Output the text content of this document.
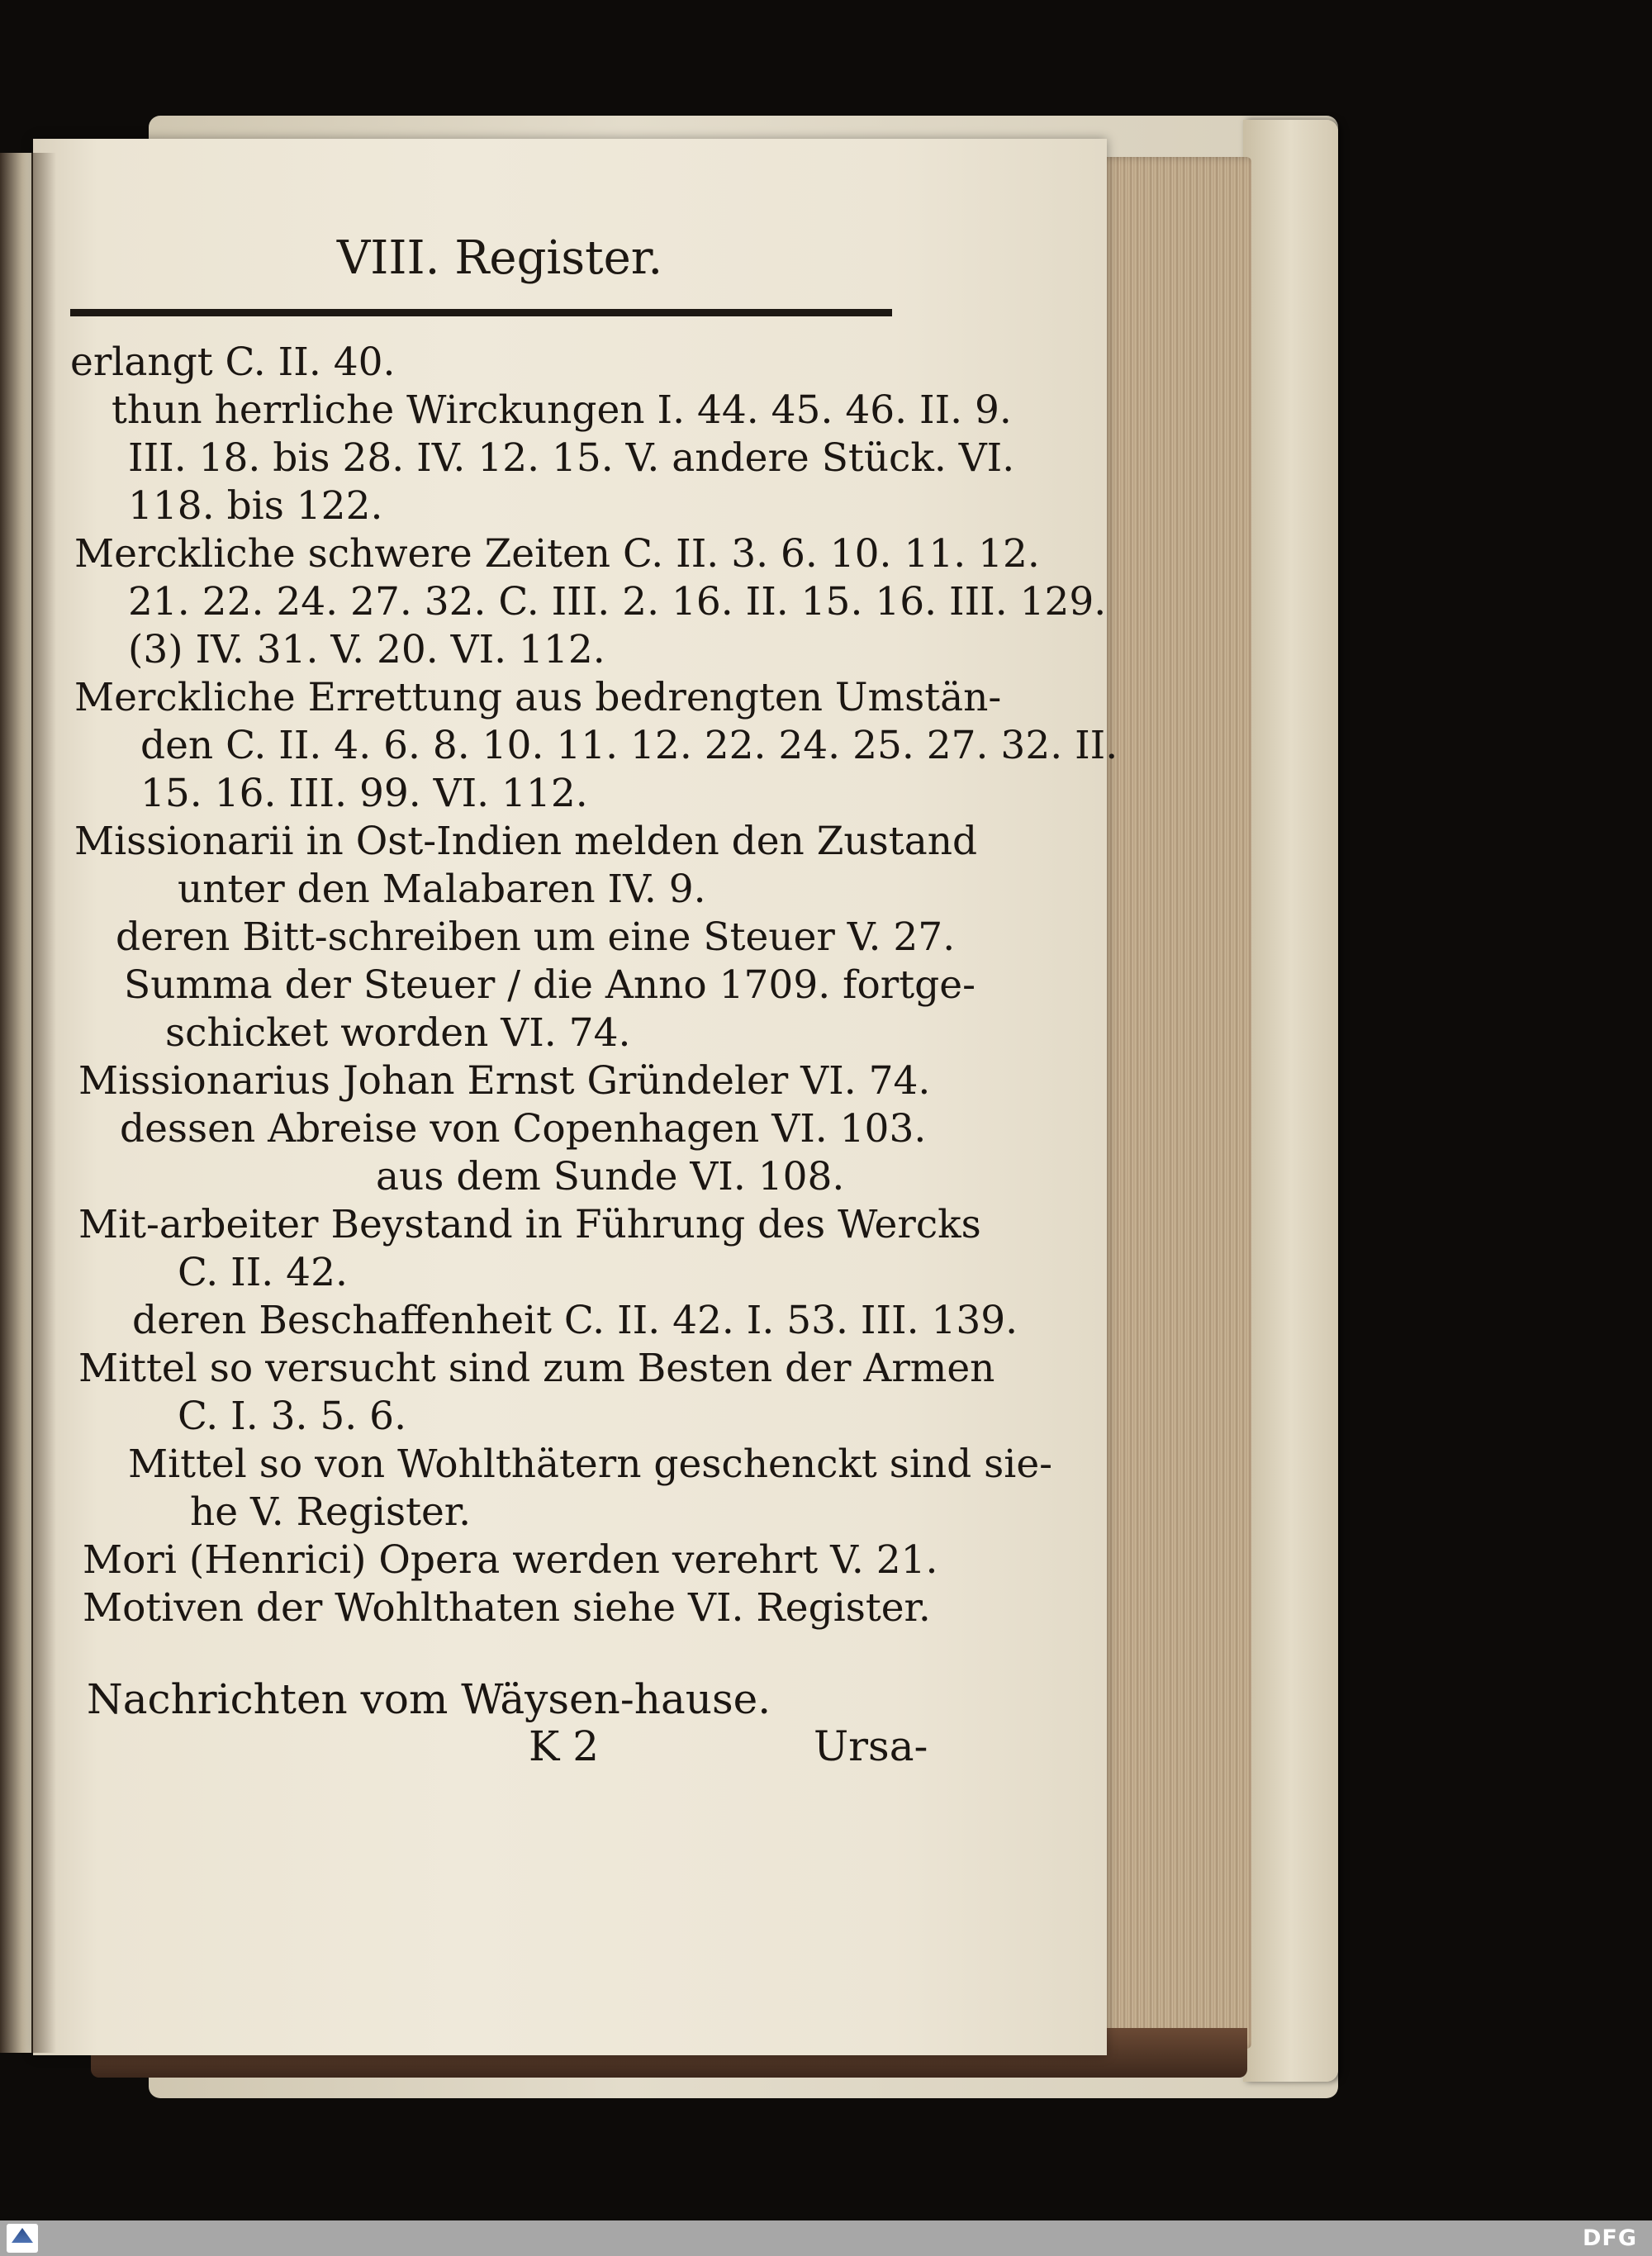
VIII. Register.
erlangt C. II. 40.
thun herrliche Wirckungen I. 44. 45. 46. II. 9.
III. 18. bis 28. IV. 12. 15. V. andere Stück. VI.
118. bis 122.
Merckliche schwere Zeiten C. II. 3. 6. 10. 11. 12.
21. 22. 24. 27. 32. C. III. 2. 16. II. 15. 16. III. 129.
(3) IV. 31. V. 20. VI. 112.
Merckliche Errettung aus bedrengten Umstän-
den C. II. 4. 6. 8. 10. 11. 12. 22. 24. 25. 27. 32. II.
15. 16. III. 99. VI. 112.
Missionarii in Ost-Indien melden den Zustand
unter den Malabaren IV. 9.
deren Bitt-schreiben um eine Steuer V. 27.
Summa der Steuer / die Anno 1709. fortge-
schicket worden VI. 74.
Missionarius Johan Ernst Gründeler VI. 74.
dessen Abreise von Copenhagen VI. 103.
aus dem Sunde VI. 108.
Mit-arbeiter Beystand in Führung des Wercks
C. II. 42.
deren Beschaffenheit C. II. 42. I. 53. III. 139.
Mittel so versucht sind zum Besten der Armen
C. I. 3. 5. 6.
Mittel so von Wohlthätern geschenckt sind sie-
he V. Register.
Mori (Henrici) Opera werden verehrt V. 21.
Motiven der Wohlthaten siehe VI. Register.
Nachrichten vom Wäysen-hause.
K 2	Ursa-
DFG
